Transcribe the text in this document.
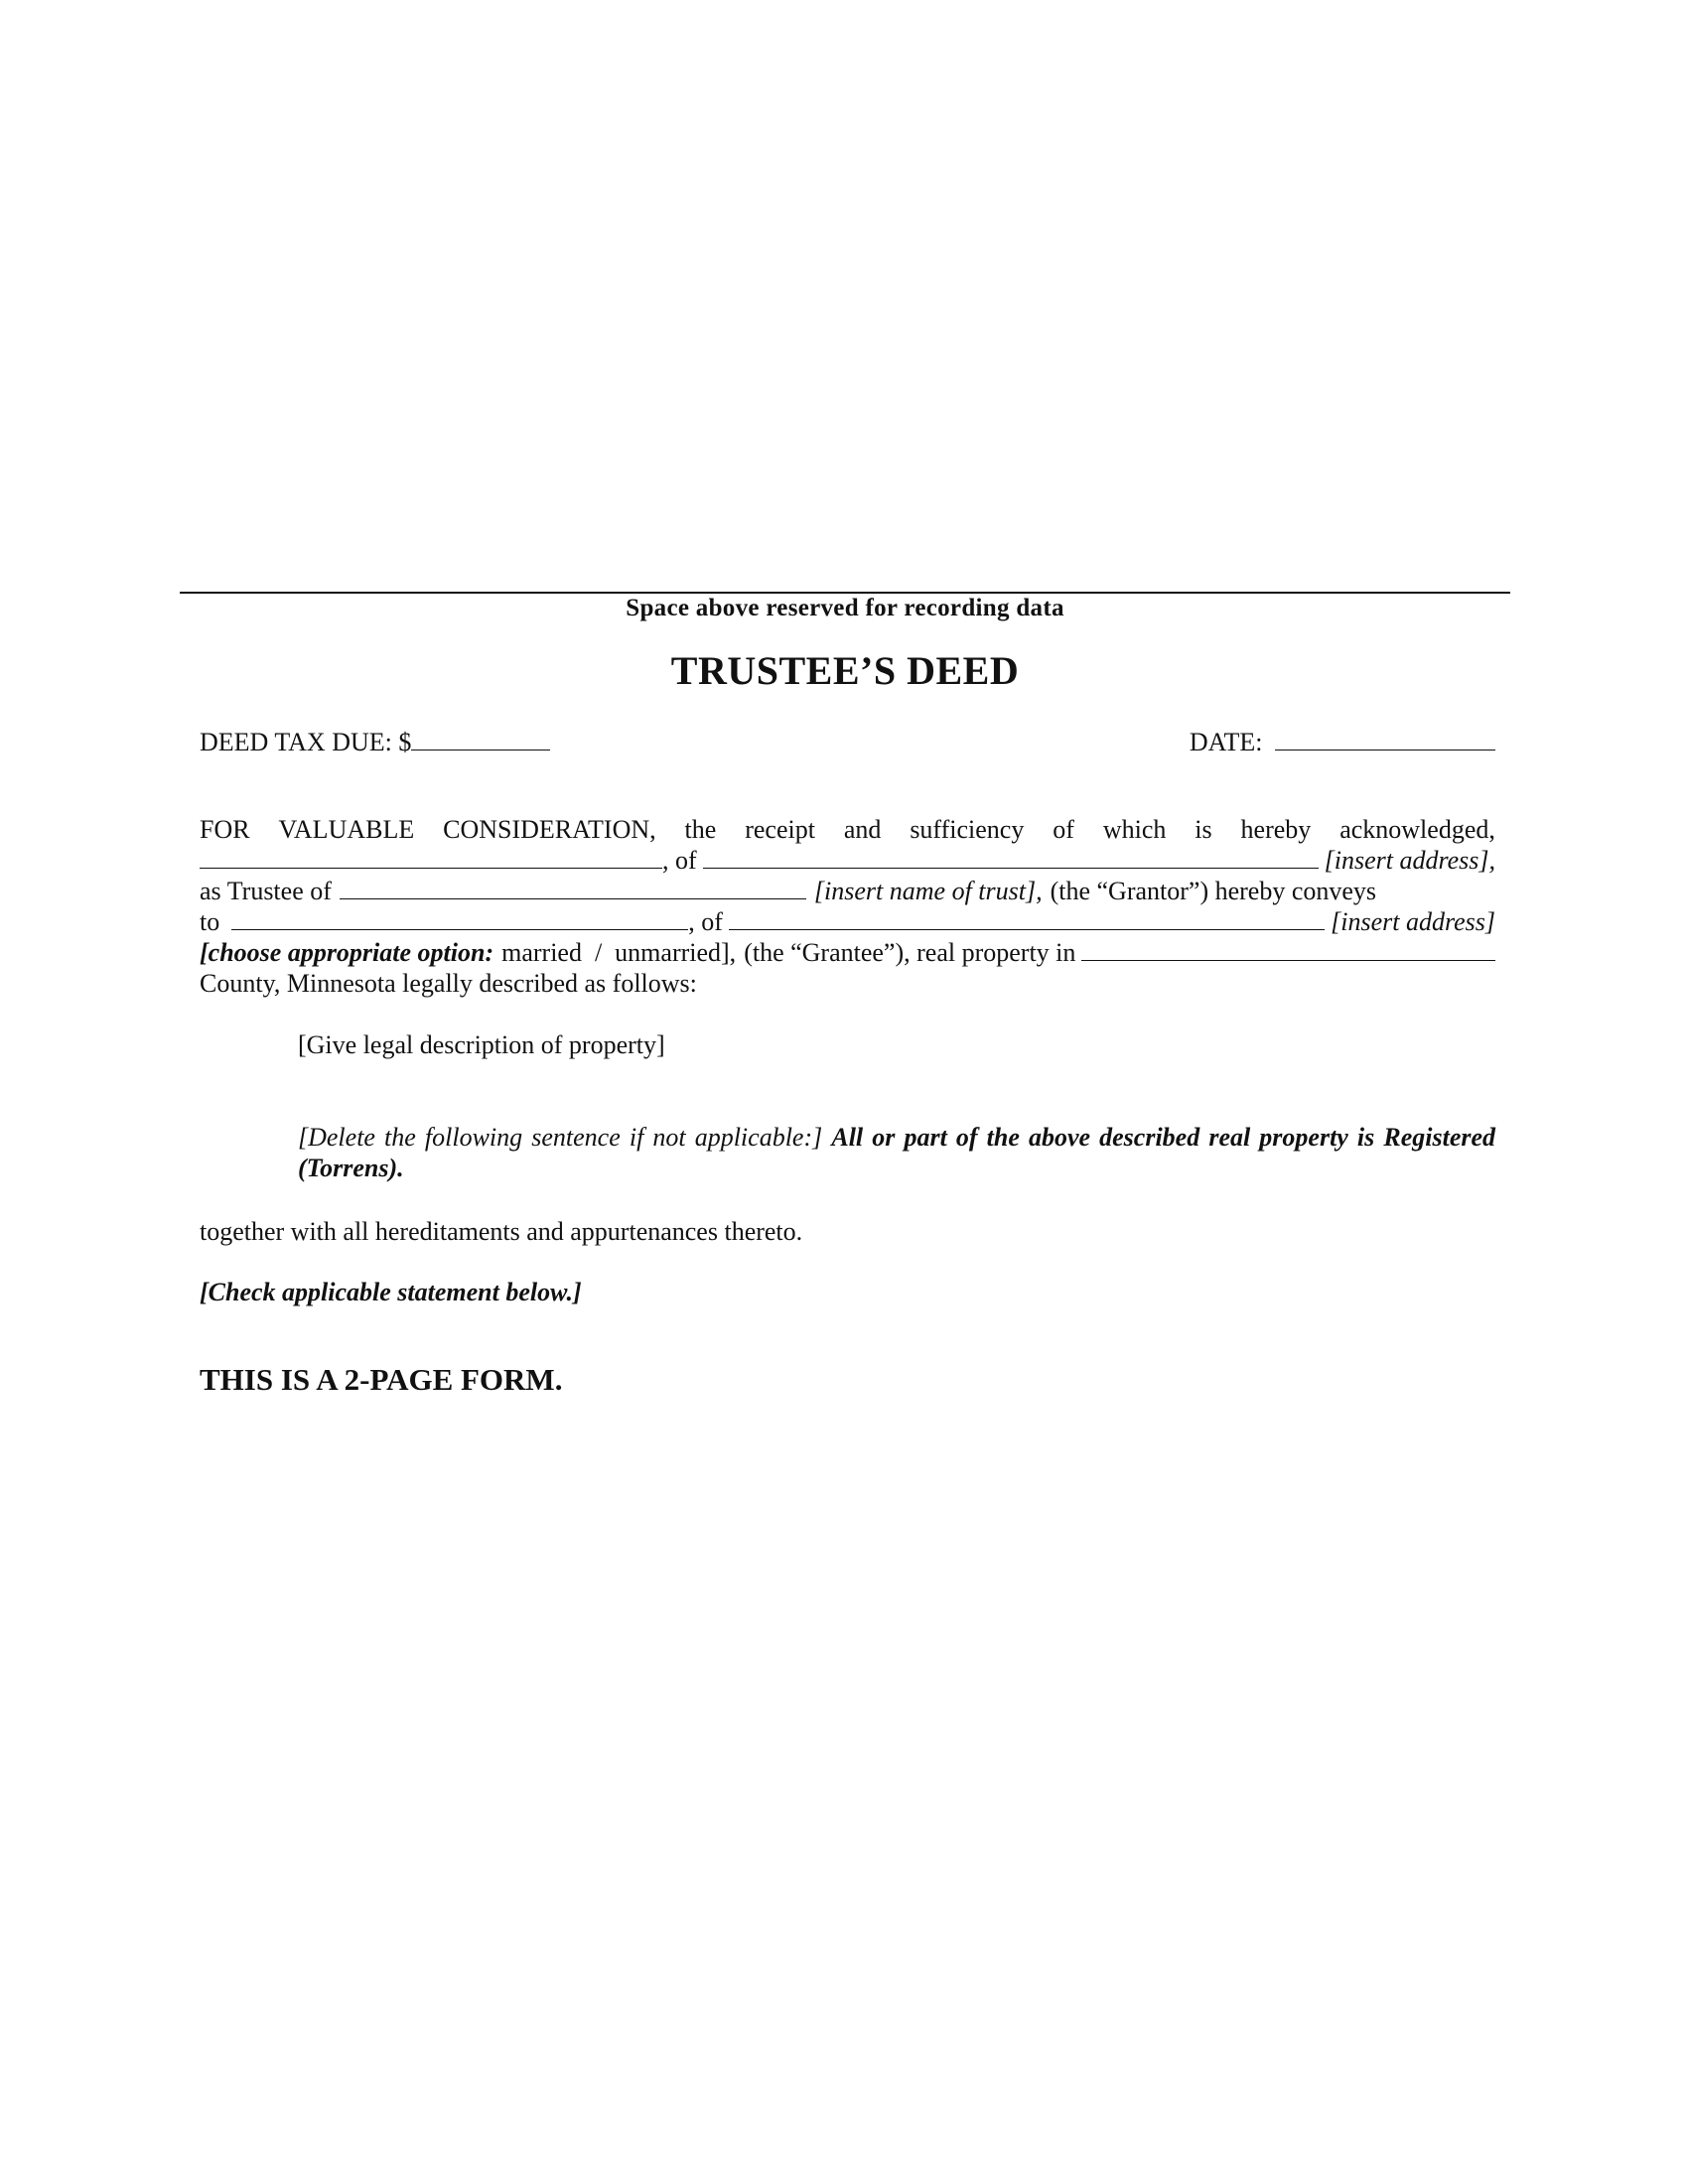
Space above reserved for recording data
TRUSTEE’S DEED
DEED TAX DUE: $	DATE:
FOR VALUABLE CONSIDERATION, the receipt and sufficiency of which is hereby acknowledged,
, of	[insert address],
as Trustee of	[insert name of trust], (the “Grantor”) hereby conveys
to	, of	[insert address]
[choose appropriate option: married  /  unmarried], (the “Grantee”), real property in
County, Minnesota legally described as follows:
[Give legal description of property]
[Delete the following sentence if not applicable:] All or part of the above described real property is Registered (Torrens).
together with all hereditaments and appurtenances thereto.
[Check applicable statement below.]
THIS IS A 2-PAGE FORM.
